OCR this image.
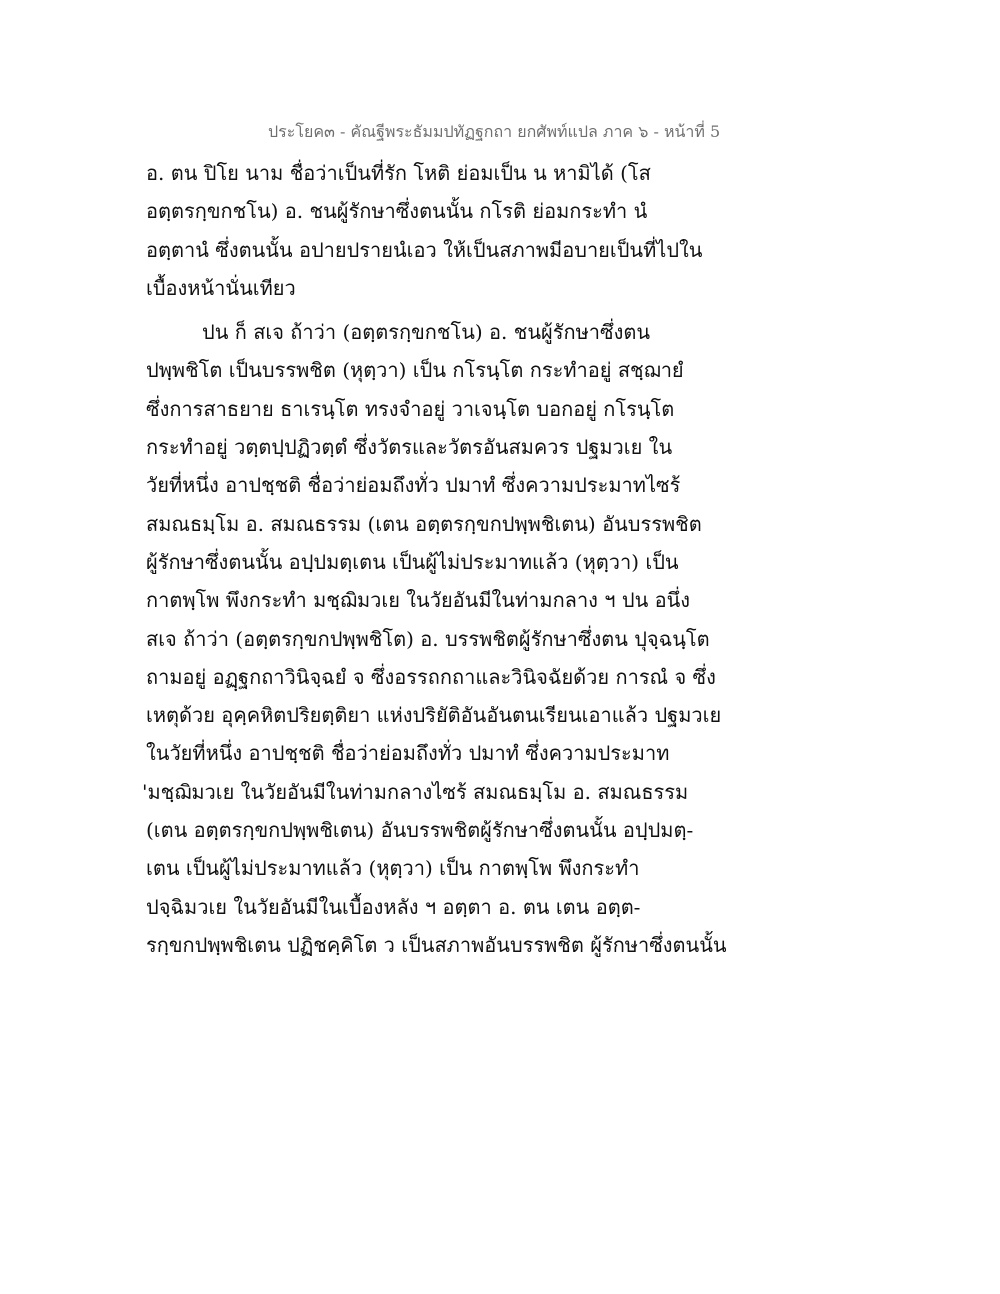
ประโยค๓ - คัณฐีพระธัมมปทัฏฐกถา ยกศัพท์แปล ภาค ๖ - หน้าที่ 5
อ. ตน ปิโย นาม ชื่อว่าเป็นที่รัก โหติ ย่อมเป็น น หามิได้ (โส
อตฺตรกฺขกชโน) อ. ชนผู้รักษาซึ่งตนนั้น กโรติ ย่อมกระทำ นํ
อตฺตานํ ซึ่งตนนั้น อปายปรายนํเอว ให้เป็นสภาพมีอบายเป็นที่ไปใน
เบื้องหน้านั่นเทียว
ปน ก็ สเจ ถ้าว่า (อตฺตรกฺขกชโน) อ. ชนผู้รักษาซึ่งตน
ปพฺพชิโต เป็นบรรพชิต (หุตฺวา) เป็น กโรนฺโต กระทำอยู่ สชฺฌายํ
ซึ่งการสาธยาย ธาเรนฺโต ทรงจำอยู่ วาเจนฺโต บอกอยู่ กโรนฺโต
กระทำอยู่ วตฺตปฺปฏิวตฺตํ ซึ่งวัตรและวัตรอันสมควร ปฐมวเย ใน
วัยที่หนึ่ง อาปชฺชติ ชื่อว่าย่อมถึงทั่ว ปมาทํ ซึ่งความประมาทไซร้
สมณธมฺโม อ. สมณธรรม (เตน อตฺตรกฺขกปพฺพชิเตน) อันบรรพชิต
ผู้รักษาซึ่งตนนั้น อปฺปมตฺเตน เป็นผู้ไม่ประมาทแล้ว (หุตฺวา) เป็น
กาตพฺโพ พึงกระทำ มชฺฌิมวเย ในวัยอันมีในท่ามกลาง ฯ ปน อนึ่ง
สเจ ถ้าว่า (อตฺตรกฺขกปพฺพชิโต) อ. บรรพชิตผู้รักษาซึ่งตน ปุจฺฉนฺโต
ถามอยู่ อฏฺฐกถาวินิจฺฉยํ จ ซึ่งอรรถกถาและวินิจฉัยด้วย การณํ จ ซึ่ง
เหตุด้วย อุคฺคหิตปริยตฺติยา แห่งปริยัติอันอันตนเรียนเอาแล้ว ปฐมวเย
ในวัยที่หนึ่ง อาปชฺชติ ชื่อว่าย่อมถึงทั่ว ปมาทํ ซึ่งความประมาท
'มชฺฌิมวเย ในวัยอันมีในท่ามกลางไซร้ สมณธมฺโม อ. สมณธรรม
(เตน อตฺตรกฺขกปพฺพชิเตน) อันบรรพชิตผู้รักษาซึ่งตนนั้น อปฺปมตฺ-
เตน เป็นผู้ไม่ประมาทแล้ว (หุตฺวา) เป็น กาตพฺโพ พึงกระทำ
ปจฺฉิมวเย ในวัยอันมีในเบื้องหลัง ฯ อตฺตา อ. ตน เตน อตฺต-
รกฺขกปพฺพชิเตน ปฏิชคฺคิโต ว เป็นสภาพอันบรรพชิต ผู้รักษาซึ่งตนนั้น
